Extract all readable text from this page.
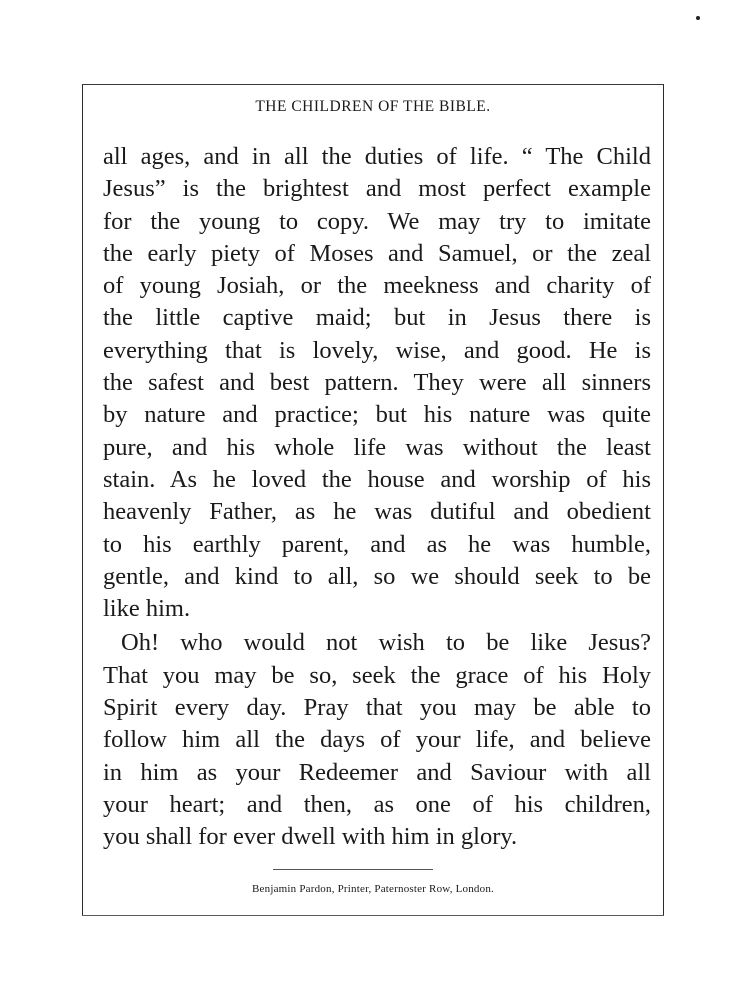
THE CHILDREN OF THE BIBLE.

all ages, and in all the duties of life. “ The Child
Jesus” is the brightest and most perfect example
for the young to copy. We may try to imitate
the early piety of Moses and Samuel, or the zeal
of young Josiah, or the meekness and charity of
the little captive maid; but in Jesus there is
everything that is lovely, wise, and good. He is
the safest and best pattern. They were all sinners
by nature and practice; but his nature was quite
pure, and his whole life was without the least
stain. As he loved the house and worship of his
heavenly Father, as he was dutiful and obedient
to his earthly parent, and as he was humble,
gentle, and kind to all, so we should seek to be
like him.

Oh! who would not wish to be like Jesus?
That you may be so, seek the grace of his Holy
Spirit every day. Pray that you may be able to
follow him all the days of your life, and believe
in him as your Redeemer and Saviour with all
your heart; and then, as one of his children,
you shall for ever dwell with him in glory.

Benjamin Pardon, Printer, Paternoster Row, London.
